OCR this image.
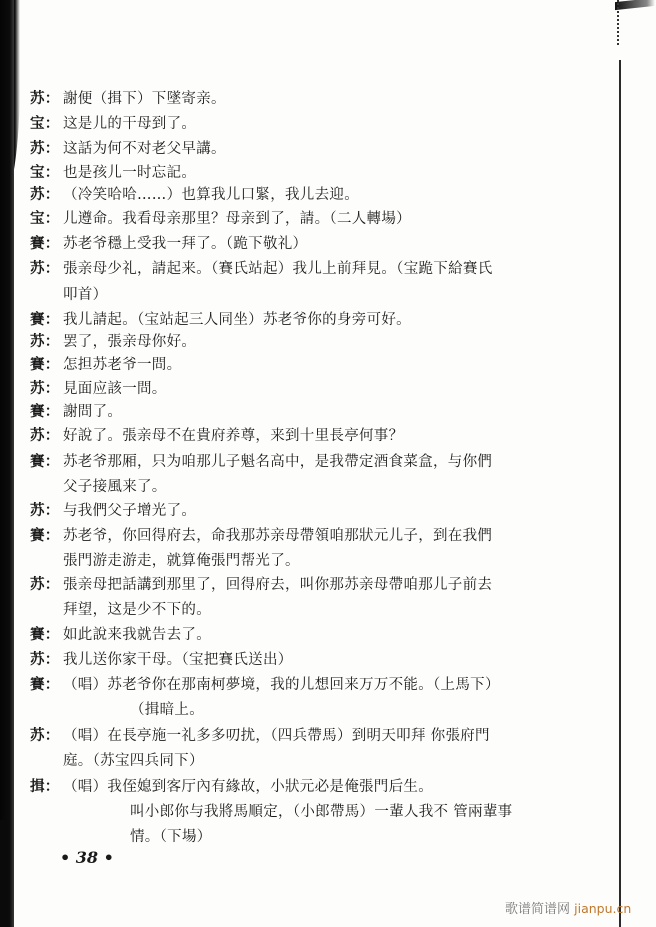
苏： 謝便（揖下）下墜寄亲。
宝： 这是儿的干母到了。
苏： 这話为何不对老父早講。
宝： 也是孩儿一时忘記。
苏： （冷笑哈哈……）也算我儿口緊，我儿去迎。
宝： 儿遵命。我看母亲那里？母亲到了，請。（二人轉場）
賽： 苏老爷穩上受我一拜了。（跪下敬礼）
苏： 張亲母少礼，請起来。（賽氏站起）我儿上前拜見。（宝跪下給賽氏
叩首）
賽： 我儿請起。（宝站起三人同坐）苏老爷你的身旁可好。
苏： 罢了，張亲母你好。
賽： 怎担苏老爷一問。
苏： 見面应該一問。
賽： 謝問了。
苏： 好說了。張亲母不在貴府养尊，来到十里長亭何事？
賽： 苏老爷那厢，只为咱那儿子魁名高中，是我帶定酒食菜盒，与你們
父子接風来了。
苏： 与我們父子增光了。
賽： 苏老爷，你回得府去，命我那苏亲母帶領咱那狀元儿子，到在我們
張門游走游走，就算俺張門帮光了。
苏： 張亲母把話講到那里了，回得府去，叫你那苏亲母帶咱那儿子前去
拜望，这是少不下的。
賽： 如此說来我就告去了。
苏： 我儿送你家干母。（宝把賽氏送出）
賽： （唱）苏老爷你在那南柯夢境，我的儿想回来万万不能。（上馬下）
（揖暗上。
苏： （唱）在長亭施一礼多多叨扰，（四兵帶馬）到明天叩拜 你張府門
庭。（苏宝四兵同下）
揖： （唱）我侄媳到客厅內有緣故，小狀元必是俺張門后生。
叫小郎你与我將馬順定，（小郎帶馬）一輩人我不 管兩輩事
情。（下場）
• 38 •
歌谱简谱网 jianpu.cn
